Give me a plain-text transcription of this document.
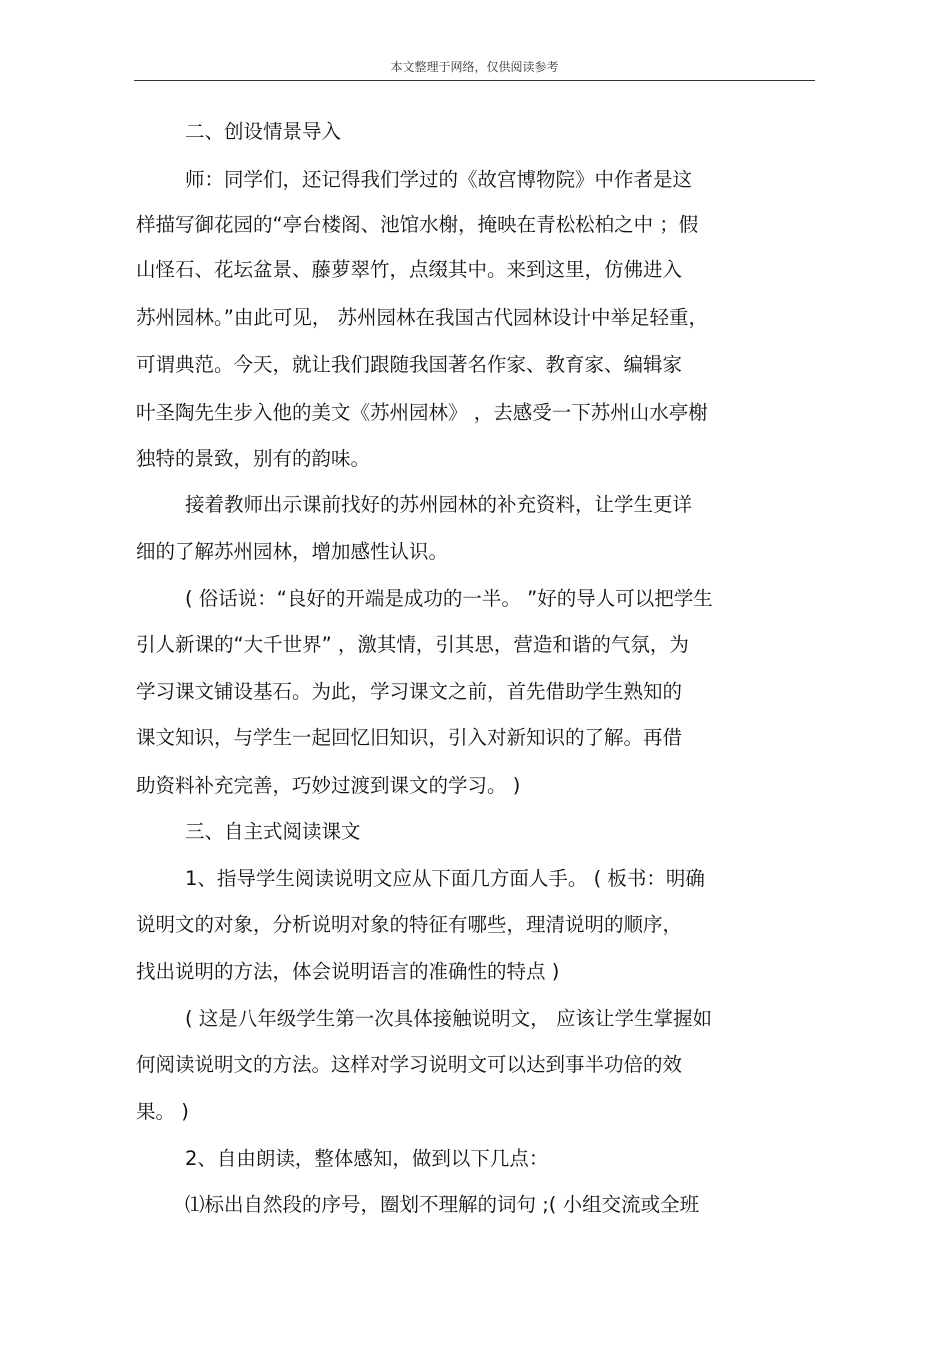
本文整理于网络，仅供阅读参考
二、创设情景导入
师：同学们，还记得我们学过的《故宫博物院》中作者是这
样描写御花园的“亭台楼阁、池馆水榭，掩映在青松松柏之中 ；假
山怪石、花坛盆景、藤萝翠竹，点缀其中。来到这里，仿佛进入
苏州园林。”由此可见， 苏州园林在我国古代园林设计中举足轻重，
可谓典范。今天，就让我们跟随我国著名作家、教育家、编辑家
叶圣陶先生步入他的美文《苏州园林》 ，去感受一下苏州山水亭榭
独特的景致，别有的韵味。
接着教师出示课前找好的苏州园林的补充资料，让学生更详
细的了解苏州园林，增加感性认识。
( 俗话说：“良好的开端是成功的一半。 ”好的导人可以把学生
引人新课的“大千世界” ，激其情，引其思，营造和谐的气氛，为
学习课文铺设基石。为此，学习课文之前，首先借助学生熟知的
课文知识，与学生一起回忆旧知识，引入对新知识的了解。再借
助资料补充完善，巧妙过渡到课文的学习。 )
三、自主式阅读课文
1、指导学生阅读说明文应从下面几方面人手。 ( 板书：明确
说明文的对象，分析说明对象的特征有哪些，理清说明的顺序，
找出说明的方法，体会说明语言的准确性的特点 )
( 这是八年级学生第一次具体接触说明文， 应该让学生掌握如
何阅读说明文的方法。这样对学习说明文可以达到事半功倍的效
果。 )
2、自由朗读，整体感知，做到以下几点：
⑴标出自然段的序号，圈划不理解的词句 ;( 小组交流或全班
